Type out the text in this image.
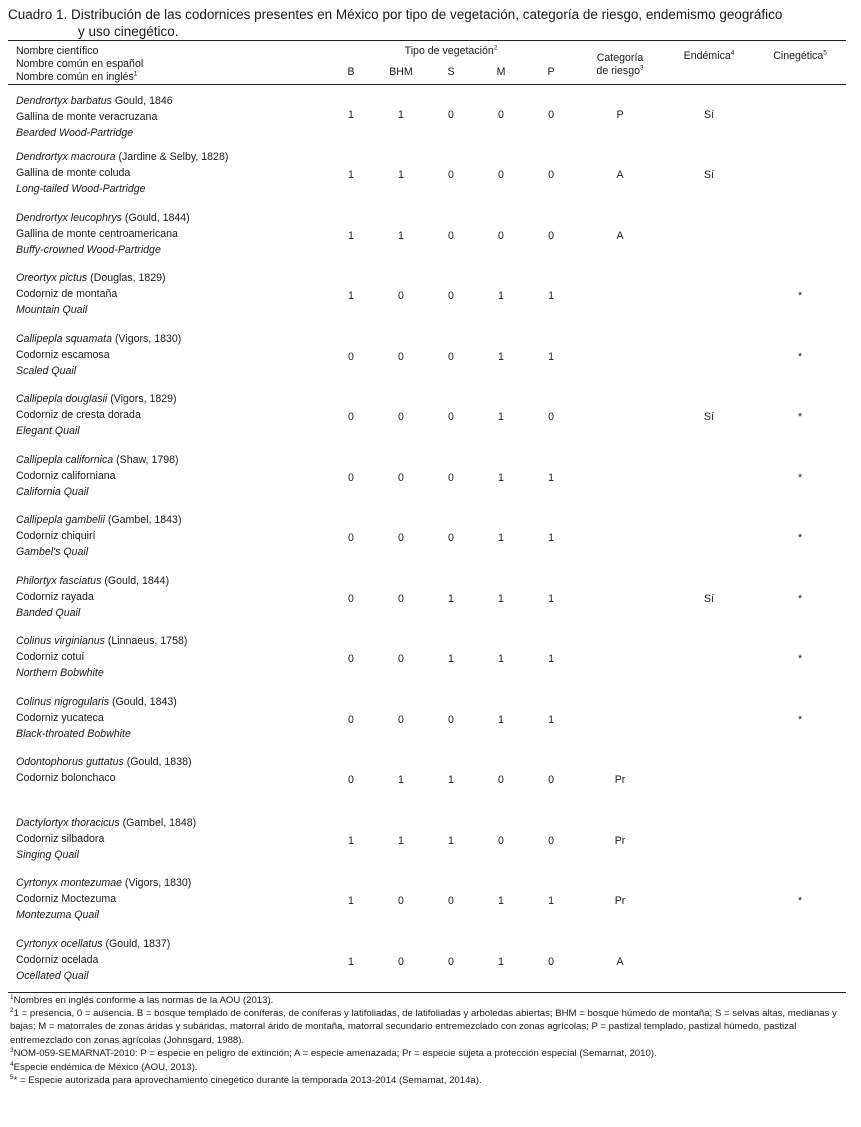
Cuadro 1. Distribución de las codornices presentes en México por tipo de vegetación, categoría de riesgo, endemismo geográfico
y uso cinegético.

Nombre científico
Nombre común en español
Nombre común en inglés$^1$	Tipo de vegetación$^2$					Categoría
de riesgo$^3$	Endémica$^4$	Cinegética$^5$
	B	BHM	S	M	P			

Dendrortyx barbatus Gould, 1846
Gallina de monte veracruzana
Bearded Wood-Partridge	1	1	0	0	0	P	Sí	

Dendrortyx macroura (Jardine & Selby, 1828)
Gallina de monte coluda
Long-tailed Wood-Partridge	1	1	0	0	0	A	Sí	

Dendrortyx leucophrys (Gould, 1844)
Gallina de monte centroamericana
Buffy-crowned Wood-Partridge	1	1	0	0	0	A		

Oreortyx pictus (Douglas, 1829)
Codorniz de montaña
Mountain Quail	1	0	0	1	1			*

Callipepla squamata (Vigors, 1830)
Codorniz escamosa
Scaled Quail	0	0	0	1	1			*

Callipepla douglasii (Vigors, 1829)
Codorniz de cresta dorada
Elegant Quail	0	0	0	1	0		Sí	*

Callipepla californica (Shaw, 1798)
Codorniz californiana
California Quail	0	0	0	1	1			*

Callipepla gambelii (Gambel, 1843)
Codorniz chiquirí
Gambel's Quail	0	0	0	1	1			*

Philortyx fasciatus (Gould, 1844)
Codorniz rayada
Banded Quail	0	0	1	1	1		Sí	*

Colinus virginianus (Linnaeus, 1758)
Codorniz cotuí
Northern Bobwhite	0	0	1	1	1			*

Colinus nigrogularis (Gould, 1843)
Codorniz yucateca
Black-throated Bobwhite	0	0	0	1	1			*

Odontophorus guttatus (Gould, 1838)
Codorniz bolonchaco	0	1	1	0	0	Pr		

Dactylortyx thoracicus (Gambel, 1848)
Codorniz silbadora
Singing Quail	1	1	1	0	0	Pr		

Cyrtonyx montezumae (Vigors, 1830)
Codorniz Moctezuma
Montezuma Quail	1	0	0	1	1	Pr		*

Cyrtonyx ocellatus (Gould, 1837)
Codorniz ocelada
Ocellated Quail	1	0	0	1	0	A		

$^1$Nombres en inglés conforme a las normas de la AOU (2013).

$^2$1 = presencia, 0 = ausencia. B = bosque templado de coníferas, de coníferas y latifoliadas, de latifoliadas y arboledas abiertas; BHM = bosque húmedo de montaña; S = selvas altas, medianas y bajas; M = matorrales de zonas áridas y subáridas, matorral árido de montaña, matorral secundario entremezclado con zonas agrícolas; P = pastizal templado, pastizal húmedo, pastizal entremezclado con zonas agrícolas (Johnsgard, 1988).

$^3$NOM-059-SEMARNAT-2010: P = especie en peligro de extinción; A = especie amenazada; Pr = especie sujeta a protección especial (Semarnat, 2010).

$^4$Especie endémica de México (AOU, 2013).

$^5$* = Especie autorizada para aprovechamiento cinegético durante la temporada 2013-2014 (Semarnat, 2014a).
